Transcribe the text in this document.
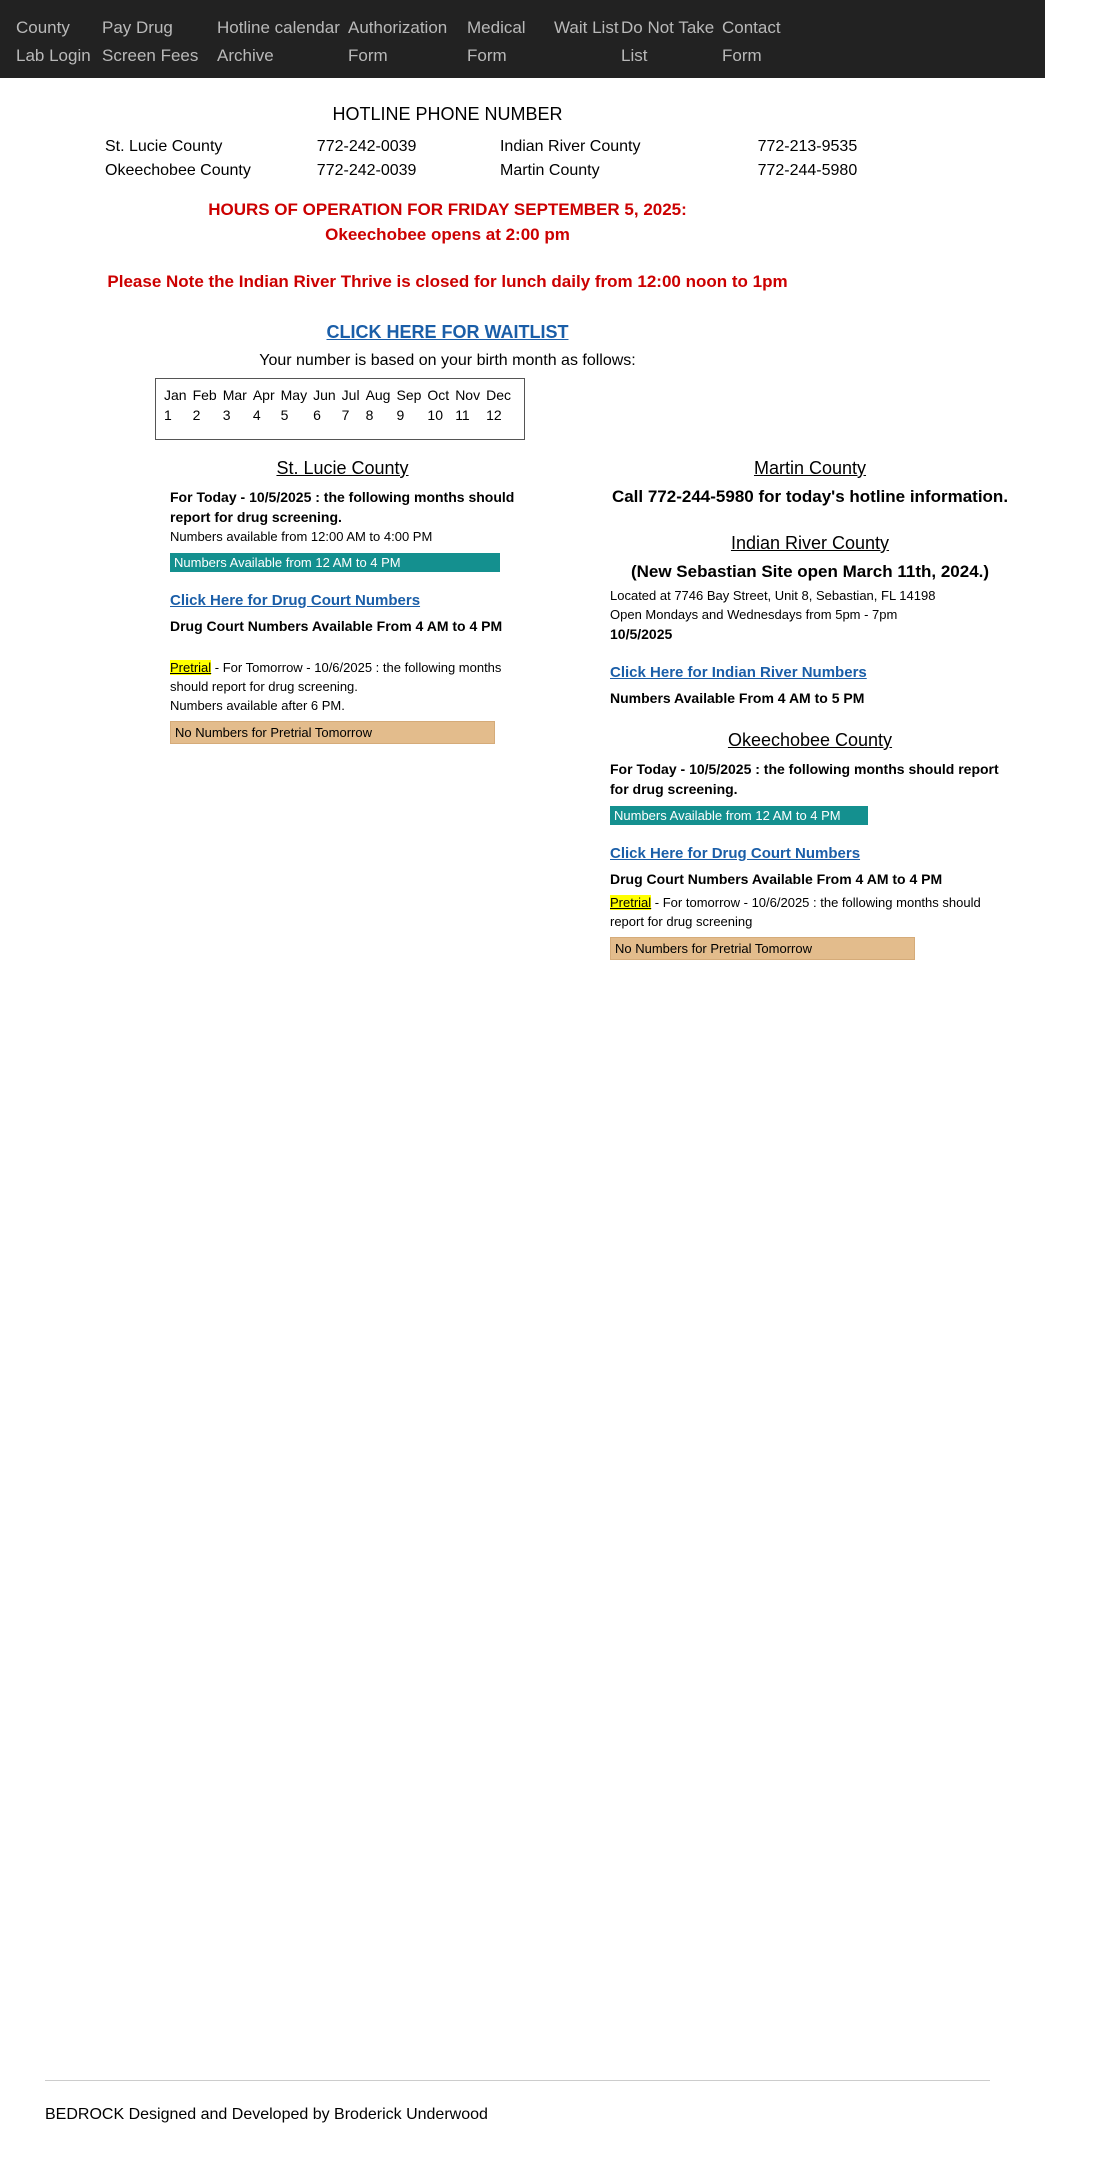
County Lab Login
Pay Drug Screen Fees
Hotline calendar Archive
Authorization Form
Medical Form
Wait List Do Not Take List
Contact Form
HOTLINE PHONE NUMBER
St. Lucie County	772-242-0039	Indian River County	772-213-9535
Okeechobee County	772-242-0039	Martin County	772-244-5980
HOURS OF OPERATION FOR FRIDAY SEPTEMBER 5, 2025:
Okeechobee opens at 2:00 pm
Please Note the Indian River Thrive is closed for lunch daily from 12:00 noon to 1pm
CLICK HERE FOR WAITLIST
Your number is based on your birth month as follows:
Jan	Feb	Mar	Apr	May	Jun	Jul	Aug	Sep	Oct	Nov	Dec
1	2	3	4	5	6	7	8	9	10	11	12
St. Lucie County
For Today - 10/5/2025 : the following months should
report for drug screening.
Numbers available from 12:00 AM to 4:00 PM
Numbers Available from 12 AM to 4 PM
Click Here for Drug Court Numbers
Drug Court Numbers Available From 4 AM to 4 PM
Pretrial - For Tomorrow - 10/6/2025 : the following months
should report for drug screening.
Numbers available after 6 PM.
No Numbers for Pretrial Tomorrow
Martin County
Call 772-244-5980 for today's hotline information.
Indian River County
(New Sebastian Site open March 11th, 2024.)
Located at 7746 Bay Street, Unit 8, Sebastian, FL 14198
Open Mondays and Wednesdays from 5pm - 7pm
10/5/2025
Click Here for Indian River Numbers
Numbers Available From 4 AM to 5 PM
Okeechobee County
For Today - 10/5/2025 : the following months should report
for drug screening.
Numbers Available from 12 AM to 4 PM
Click Here for Drug Court Numbers
Drug Court Numbers Available From 4 AM to 4 PM
Pretrial - For tomorrow - 10/6/2025 : the following months should
report for drug screening
No Numbers for Pretrial Tomorrow
BEDROCK Designed and Developed by Broderick Underwood
